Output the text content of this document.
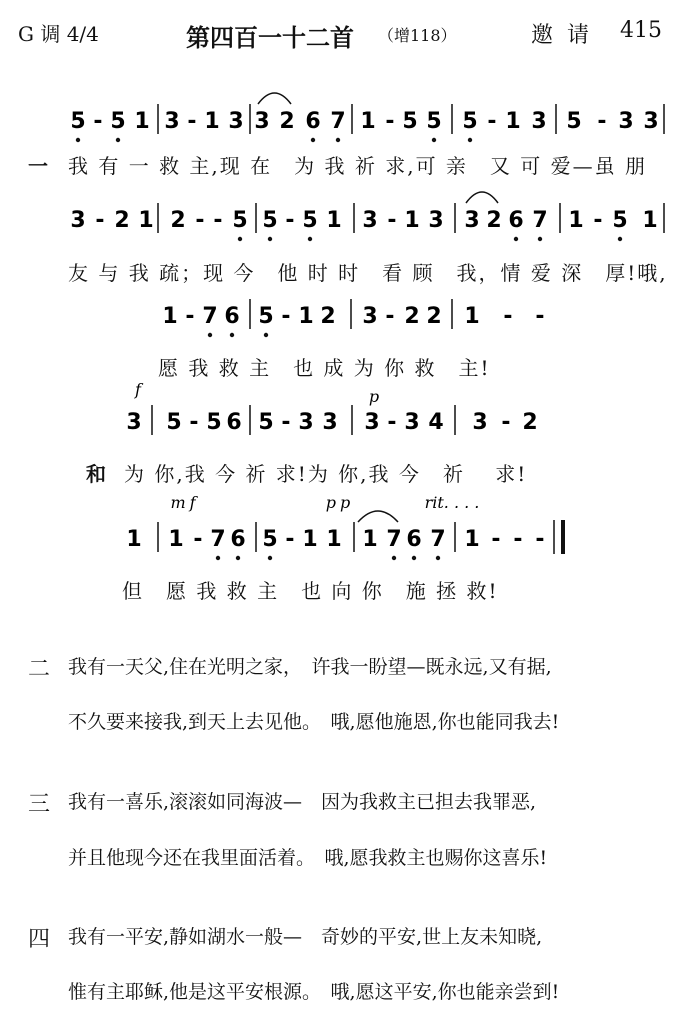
G 调 4/4	第四百一十二首 （增118）	邀请 415
5 - 5 1 3 - 1 3 3 2 6 7 1 - 5 5 5 - 1 3 5 - 3 3
3 - 2 1 2 - - 5 5 - 5 1 3 - 1 3 3 2 6 7 1 - 5 1
1 - 7 6 5 - 1 2 3 - 2 2 1 - -
3 5 - 5 6 5 - 3 3 3 - 3 4 3 - 2
1 1 - 7 6 5 - 1 1 1 7 6 7 1 - - -
f	p
mf	pp	rit. . . .
一 我 有 一 救 主,现 在　为 我 祈 求,可 亲　又 可 爱—虽 朋
友 与 我 疏；现 今　他 时 时　看 顾　我，情 爱 深　厚!哦,
愿 我 救 主　也 成 为 你 救　主!
和 为 你,我 今 祈 求!为 你,我 今　祈　 求!
但　愿 我 救 主　也 向 你　施 拯 救!
二 我有一天父,住在光明之家，　许我一盼望—既永远,又有据,
不久要来接我,到天上去见他。　哦,愿他施恩,你也能同我去!
三 我有一喜乐,滚滚如同海波—　因为我救主已担去我罪恶,
并且他现今还在我里面活着。　哦,愿我救主也赐你这喜乐!
四 我有一平安,静如湖水一般—　奇妙的平安,世上友未知晓,
惟有主耶稣,他是这平安根源。　哦,愿这平安,你也能亲尝到!
